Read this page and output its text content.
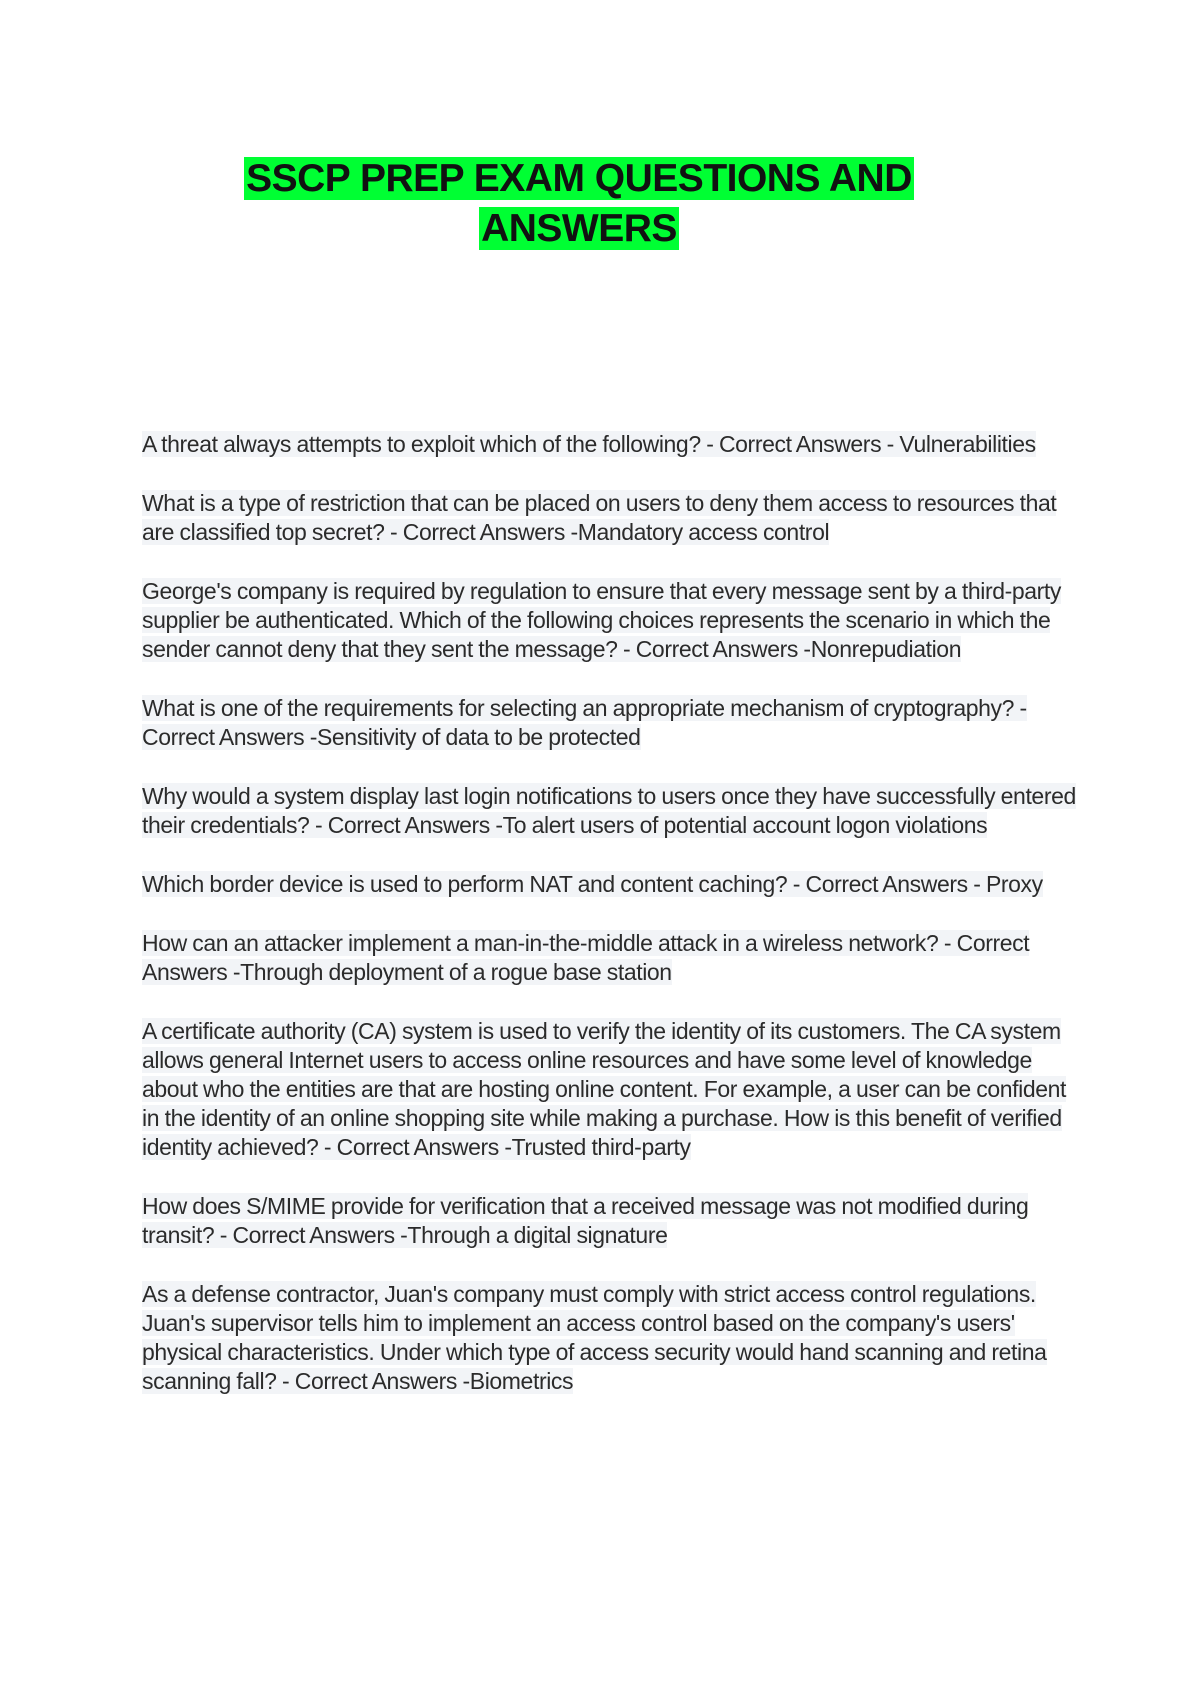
SSCP PREP EXAM QUESTIONS AND
ANSWERS

A threat always attempts to exploit which of the following? - Correct Answers - Vulnerabilities

What is a type of restriction that can be placed on users to deny them access to resources that are classified top secret? - Correct Answers -Mandatory access control

George's company is required by regulation to ensure that every message sent by a third-party supplier be authenticated. Which of the following choices represents the scenario in which the sender cannot deny that they sent the message? - Correct Answers -Nonrepudiation

What is one of the requirements for selecting an appropriate mechanism of cryptography? - Correct Answers -Sensitivity of data to be protected

Why would a system display last login notifications to users once they have successfully entered their credentials? - Correct Answers -To alert users of potential account logon violations

Which border device is used to perform NAT and content caching? - Correct Answers - Proxy

How can an attacker implement a man-in-the-middle attack in a wireless network? - Correct Answers -Through deployment of a rogue base station

A certificate authority (CA) system is used to verify the identity of its customers. The CA system allows general Internet users to access online resources and have some level of knowledge about who the entities are that are hosting online content. For example, a user can be confident in the identity of an online shopping site while making a purchase. How is this benefit of verified identity achieved? - Correct Answers -Trusted third-party

How does S/MIME provide for verification that a received message was not modified during transit? - Correct Answers -Through a digital signature

As a defense contractor, Juan's company must comply with strict access control regulations. Juan's supervisor tells him to implement an access control based on the company's users' physical characteristics. Under which type of access security would hand scanning and retina scanning fall? - Correct Answers -Biometrics
